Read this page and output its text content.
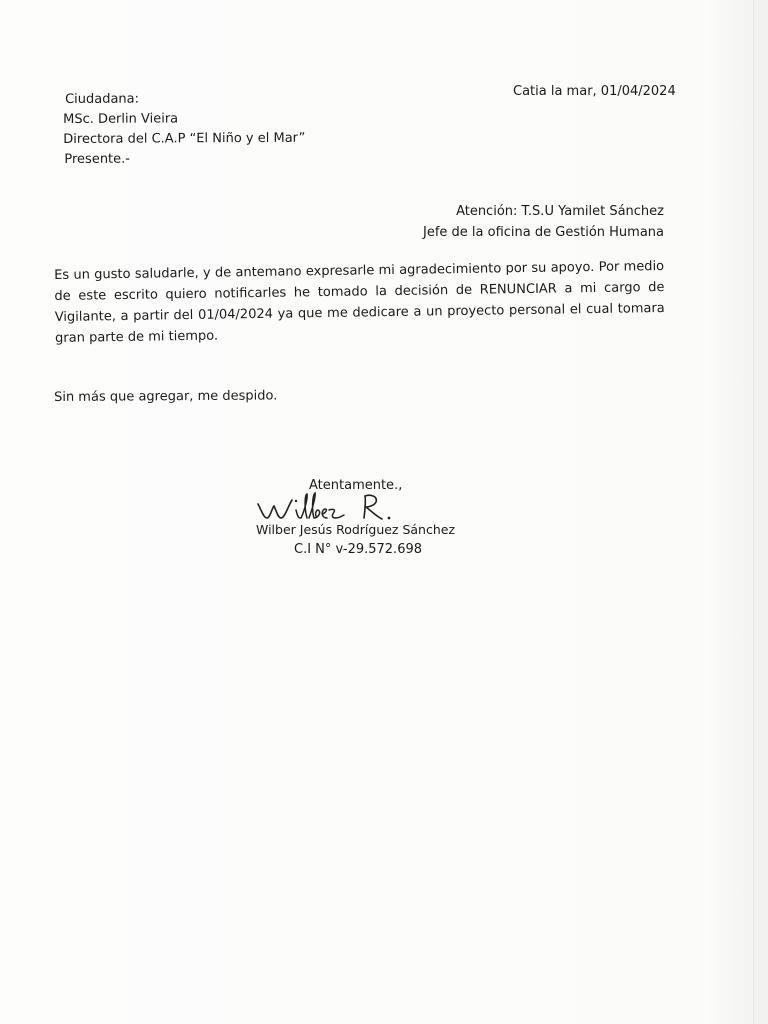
Catia la mar, 01/04/2024
Ciudadana:
MSc. Derlin Vieira
Directora del C.A.P “El Niño y el Mar”
Presente.-
Atención: T.S.U Yamilet Sánchez
Jefe de la oficina de Gestión Humana
Es un gusto saludarle, y de antemano expresarle mi agradecimiento por su apoyo. Por medio de este escrito quiero notificarles he tomado la decisión de RENUNCIAR a mi cargo de Vigilante, a partir del 01/04/2024 ya que me dedicare a un proyecto personal el cual tomara gran parte de mi tiempo.
Sin más que agregar, me despido.
Atentamente.,
Wilber Jesús Rodríguez Sánchez
C.I N° v-29.572.698
